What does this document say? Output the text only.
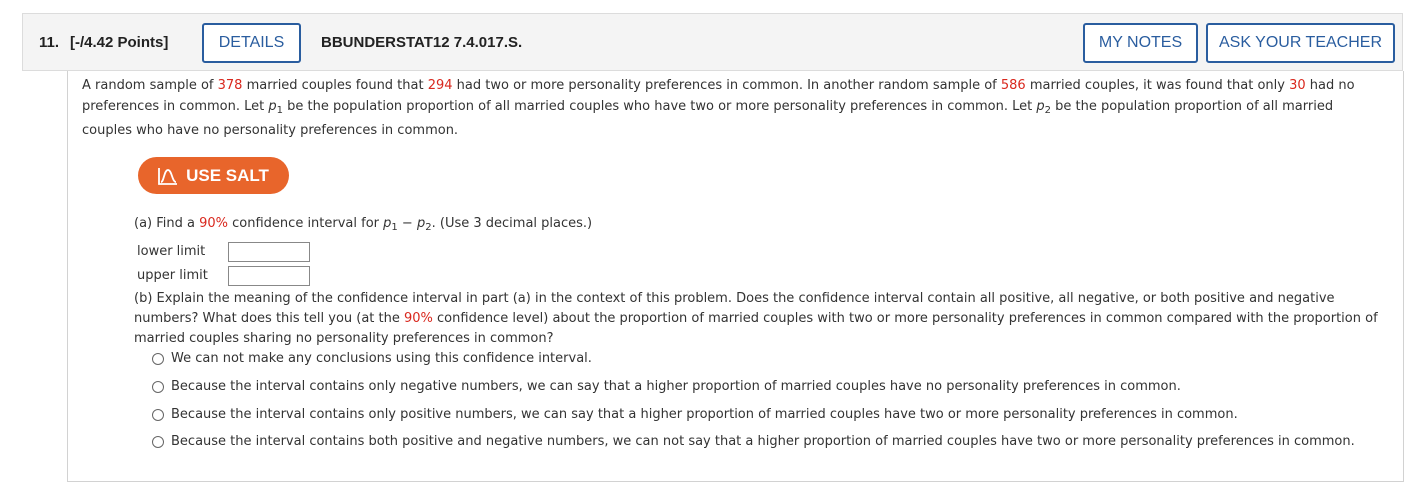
11. [-/4.42 Points]	DETAILS	BBUNDERSTAT12 7.4.017.S.	MY NOTES	ASK YOUR TEACHER
A random sample of 378 married couples found that 294 had two or more personality preferences in common. In another random sample of 586 married couples, it was found that only 30 had no
preferences in common. Let $p_1$ be the population proportion of all married couples who have two or more personality preferences in common. Let $p_2$ be the population proportion of all married
couples who have no personality preferences in common.
USE SALT
(a) Find a 90% confidence interval for $p_1 - p_2$. (Use 3 decimal places.)
lower limit
upper limit
(b) Explain the meaning of the confidence interval in part (a) in the context of this problem. Does the confidence interval contain all positive, all negative, or both positive and negative
numbers? What does this tell you (at the 90% confidence level) about the proportion of married couples with two or more personality preferences in common compared with the proportion of
married couples sharing no personality preferences in common?
We can not make any conclusions using this confidence interval.
Because the interval contains only negative numbers, we can say that a higher proportion of married couples have no personality preferences in common.
Because the interval contains only positive numbers, we can say that a higher proportion of married couples have two or more personality preferences in common.
Because the interval contains both positive and negative numbers, we can not say that a higher proportion of married couples have two or more personality preferences in common.
